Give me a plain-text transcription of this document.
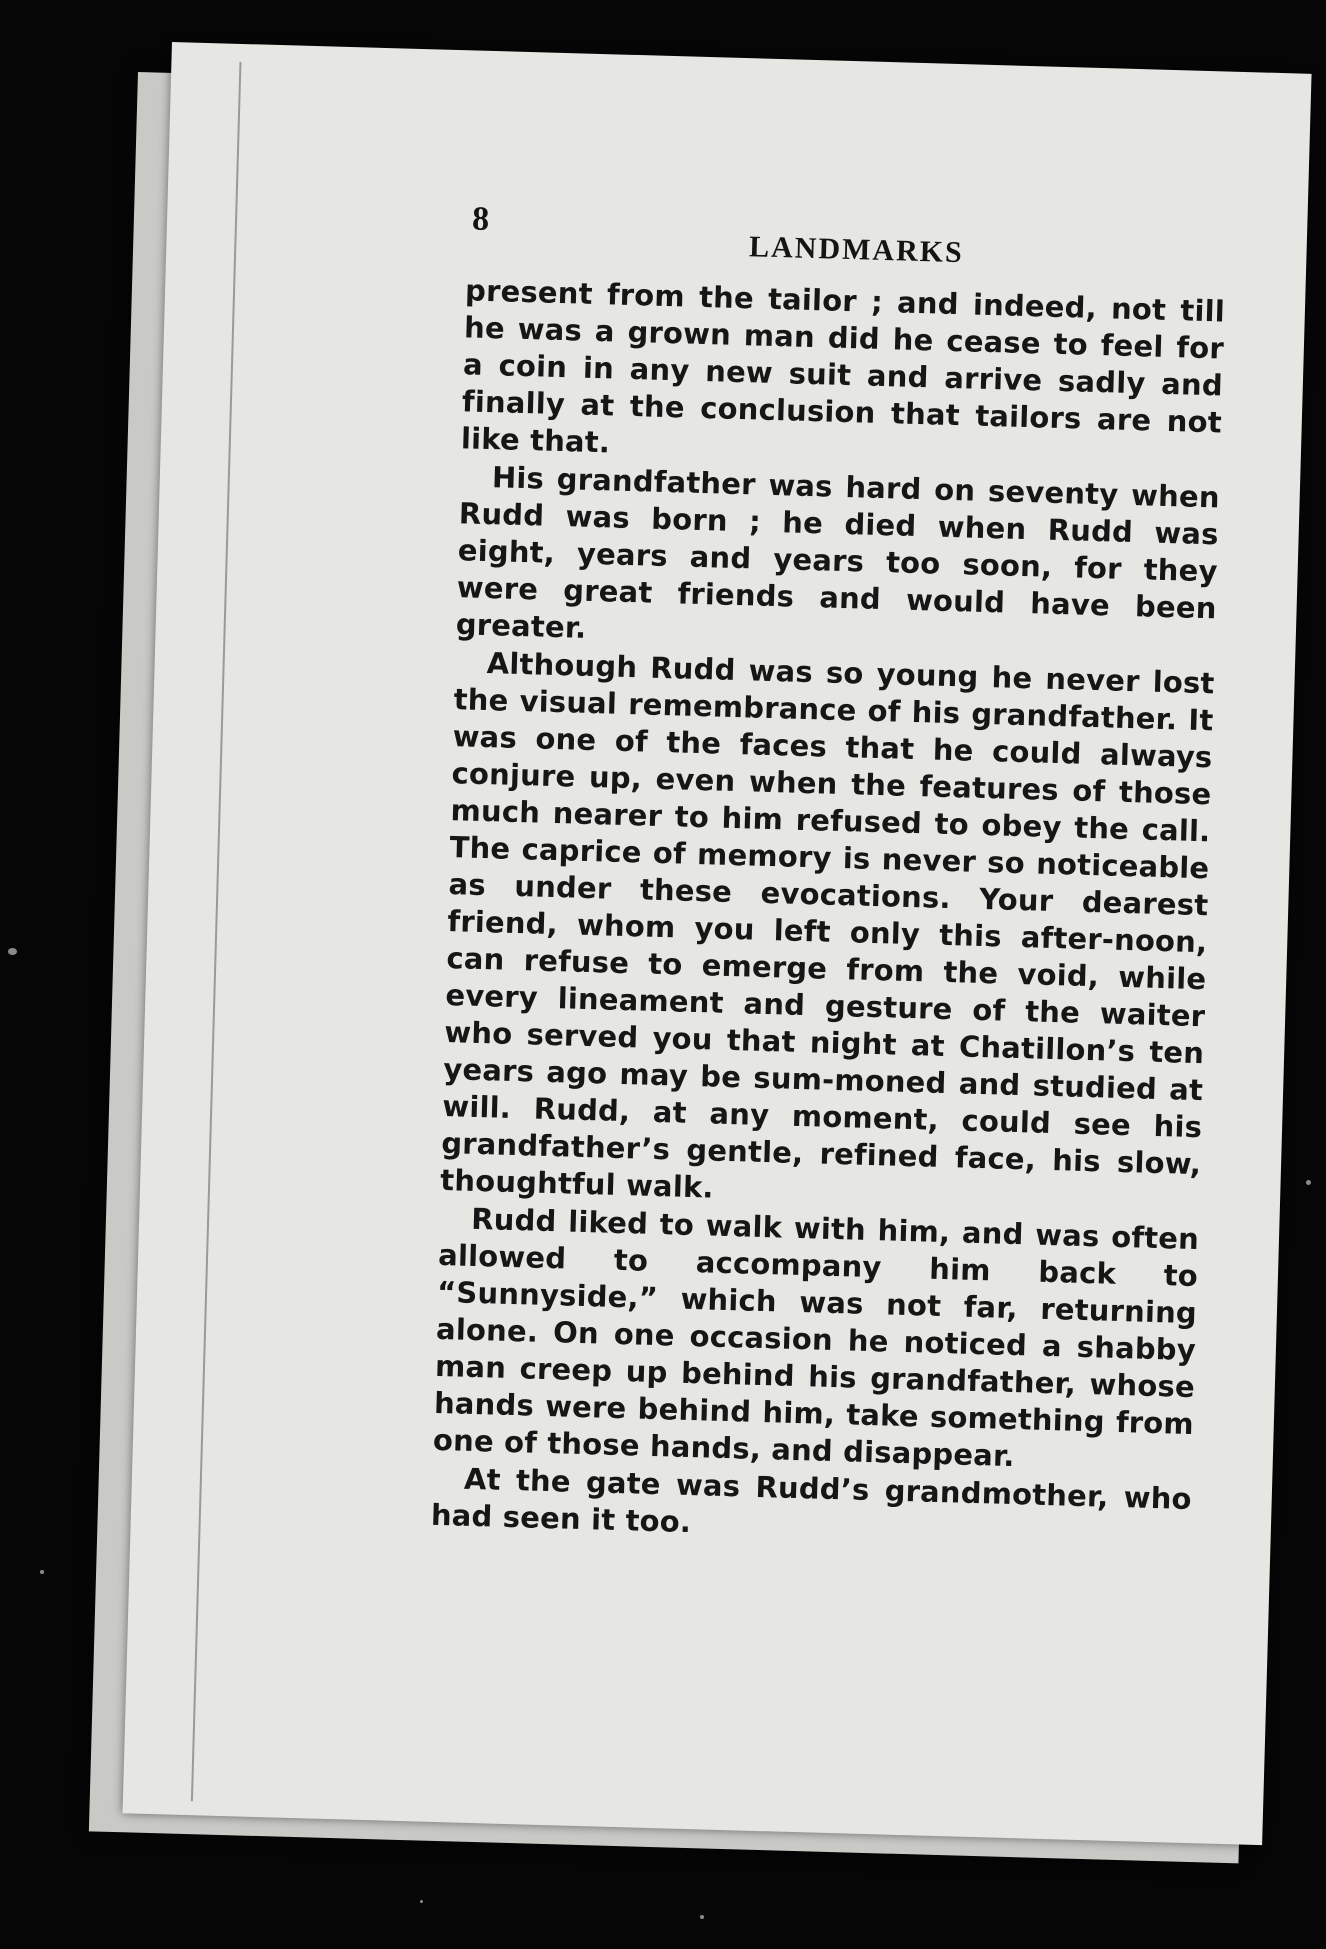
8
LANDMARKS

present from the tailor ; and indeed, not till he was a grown man did he cease to feel for a coin in any new suit and arrive sadly and finally at the conclusion that tailors are not like that.

His grandfather was hard on seventy when Rudd was born ; he died when Rudd was eight, years and years too soon, for they were great friends and would have been greater.

Although Rudd was so young he never lost the visual remembrance of his grandfather. It was one of the faces that he could always conjure up, even when the features of those much nearer to him refused to obey the call. The caprice of memory is never so noticeable as under these evocations. Your dearest friend, whom you left only this after-noon, can refuse to emerge from the void, while every lineament and gesture of the waiter who served you that night at Chatillon’s ten years ago may be sum-moned and studied at will. Rudd, at any moment, could see his grandfather’s gentle, refined face, his slow, thoughtful walk.

Rudd liked to walk with him, and was often allowed to accompany him back to “Sunnyside,” which was not far, returning alone. On one occasion he noticed a shabby man creep up behind his grandfather, whose hands were behind him, take something from one of those hands, and disappear.

At the gate was Rudd’s grandmother, who had seen it too.
